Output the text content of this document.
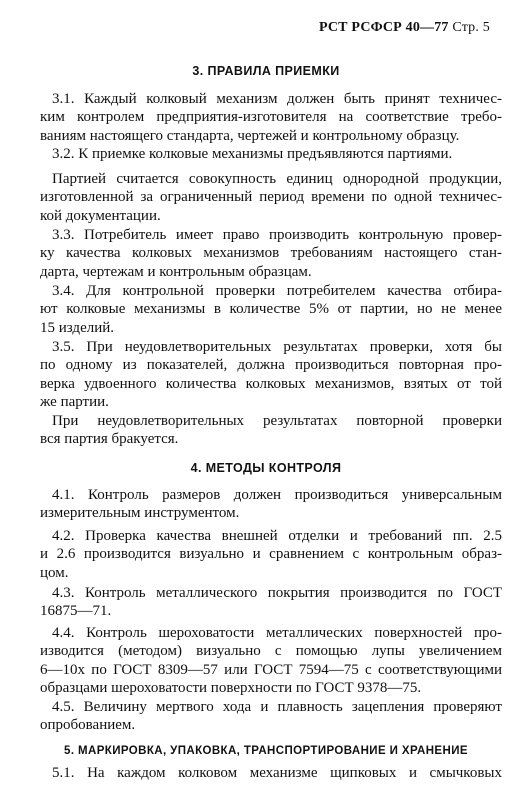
РСТ РСФСР 40—77 Стр. 5
3. ПРАВИЛА ПРИЕМКИ
3.1. Каждый колковый механизм должен быть принят техничес-
ким контролем предприятия-изготовителя на соответствие требо-
ваниям настоящего стандарта, чертежей и контрольному образцу.
3.2. К приемке колковые механизмы предъявляются партиями.
Партией считается совокупность единиц однородной продукции,
изготовленной за ограниченный период времени по одной техничес-
кой документации.
3.3. Потребитель имеет право производить контрольную провер-
ку качества колковых механизмов требованиям настоящего стан-
дарта, чертежам и контрольным образцам.
3.4. Для контрольной проверки потребителем качества отбира-
ют колковые механизмы в количестве 5% от партии, но не менее
15 изделий.
3.5. При неудовлетворительных результатах проверки, хотя бы
по одному из показателей, должна производиться повторная про-
верка удвоенного количества колковых механизмов, взятых от той
же партии.
При неудовлетворительных результатах повторной проверки
вся партия бракуется.
4. МЕТОДЫ КОНТРОЛЯ
4.1. Контроль размеров должен производиться универсальным
измерительным инструментом.
4.2. Проверка качества внешней отделки и требований пп. 2.5
и 2.6 производится визуально и сравнением с контрольным образ-
цом.
4.3. Контроль металлического покрытия производится по ГОСТ
16875—71.
4.4. Контроль шероховатости металлических поверхностей про-
изводится (методом) визуально с помощью лупы увеличением
6—10х по ГОСТ 8309—57 или ГОСТ 7594—75 с соответствующими
образцами шероховатости поверхности по ГОСТ 9378—75.
4.5. Величину мертвого хода и плавность зацепления проверяют
опробованием.
5. МАРКИРОВКА, УПАКОВКА, ТРАНСПОРТИРОВАНИЕ И ХРАНЕНИЕ
5.1. На каждом колковом механизме щипковых и смычковых
